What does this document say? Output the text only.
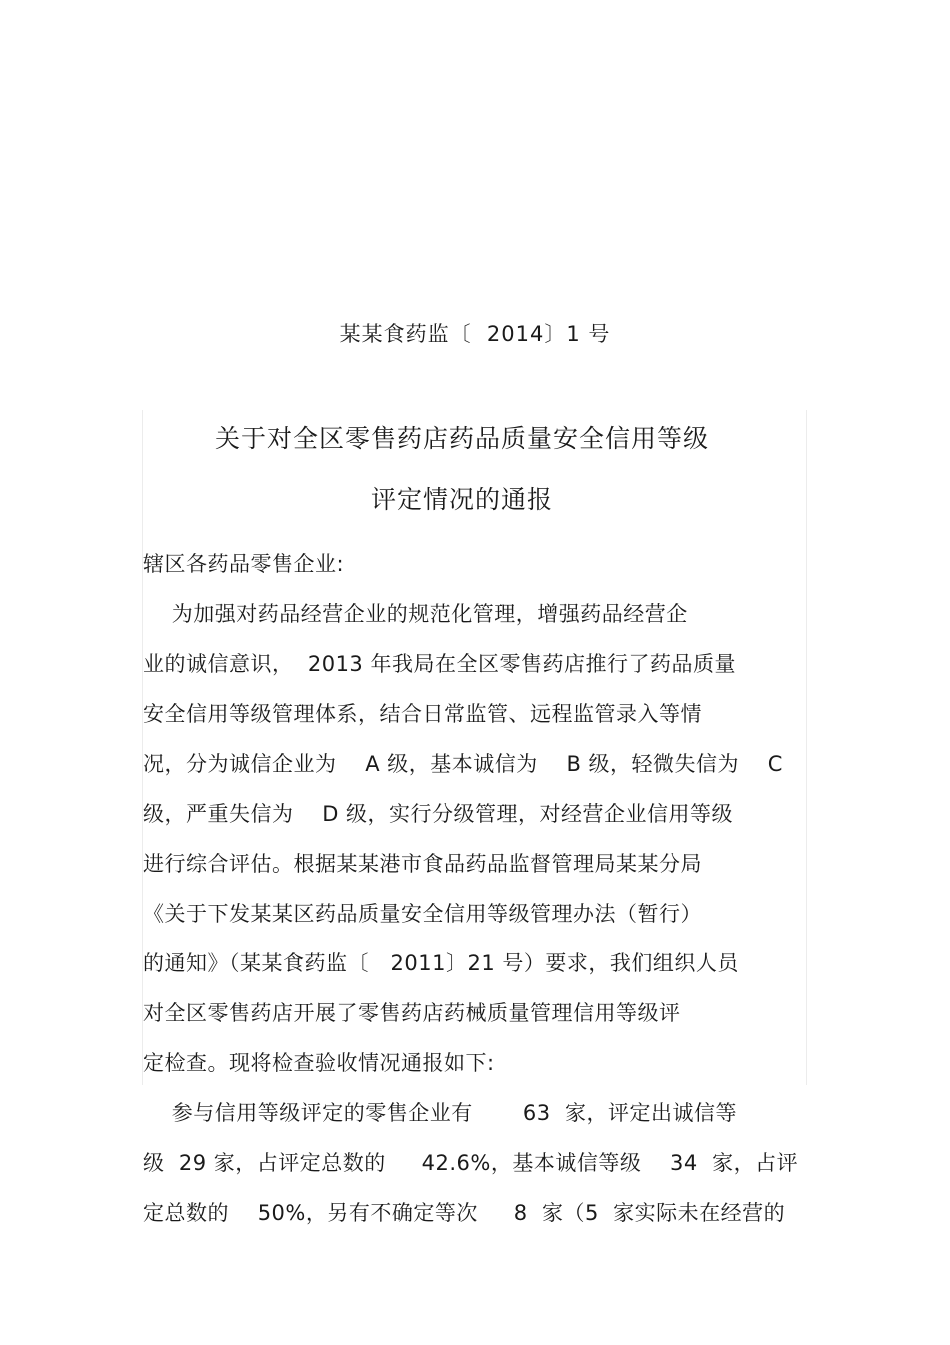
某某食药监〔  2014〕1 号
关于对全区零售药店药品质量安全信用等级
评定情况的通报
辖区各药品零售企业:
为加强对药品经营企业的规范化管理，增强药品经营企
业的诚信意识，  2013 年我局在全区零售药店推行了药品质量
安全信用等级管理体系，结合日常监管、远程监管录入等情
况，分为诚信企业为    A 级，基本诚信为    B 级，轻微失信为    C
级，严重失信为    D 级，实行分级管理，对经营企业信用等级
进行综合评估。根据某某港市食品药品监督管理局某某分局
《关于下发某某区药品质量安全信用等级管理办法（暂行）
的通知》（某某食药监〔   2011〕21 号）要求，我们组织人员
对全区零售药店开展了零售药店药械质量管理信用等级评
定检查。现将检查验收情况通报如下:
参与信用等级评定的零售企业有       63  家，评定出诚信等
级  29 家，占评定总数的     42.6%，基本诚信等级    34  家，占评
定总数的    50%，另有不确定等次     8  家（5  家实际未在经营的
